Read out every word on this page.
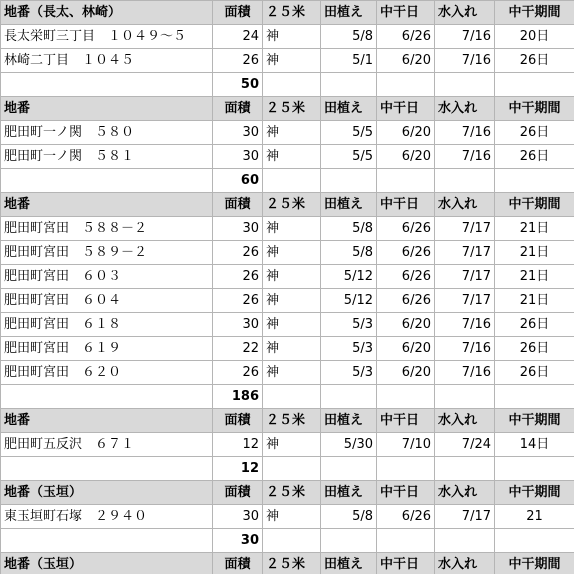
地番（長太、林崎）	面積	２５米	田植え	中干日	水入れ	中干期間
長太栄町三丁目　１０４９～５	24	神	5/8	6/26	7/16	20日
林崎二丁目　１０４５	26	神	5/1	6/20	7/16	26日
	50					
地番	面積	２５米	田植え	中干日	水入れ	中干期間
肥田町一ノ関　５８０	30	神	5/5	6/20	7/16	26日
肥田町一ノ関　５８１	30	神	5/5	6/20	7/16	26日
	60					
地番	面積	２５米	田植え	中干日	水入れ	中干期間
肥田町宮田　５８８－２	30	神	5/8	6/26	7/17	21日
肥田町宮田　５８９－２	26	神	5/8	6/26	7/17	21日
肥田町宮田　６０３	26	神	5/12	6/26	7/17	21日
肥田町宮田　６０４	26	神	5/12	6/26	7/17	21日
肥田町宮田　６１８	30	神	5/3	6/20	7/16	26日
肥田町宮田　６１９	22	神	5/3	6/20	7/16	26日
肥田町宮田　６２０	26	神	5/3	6/20	7/16	26日
	186					
地番	面積	２５米	田植え	中干日	水入れ	中干期間
肥田町五反沢　６７１	12	神	5/30	7/10	7/24	14日
	12					
地番（玉垣）	面積	２５米	田植え	中干日	水入れ	中干期間
東玉垣町石塚　２９４０	30	神	5/8	6/26	7/17	21
	30					
地番（玉垣）	面積	２５米	田植え	中干日	水入れ	中干期間
